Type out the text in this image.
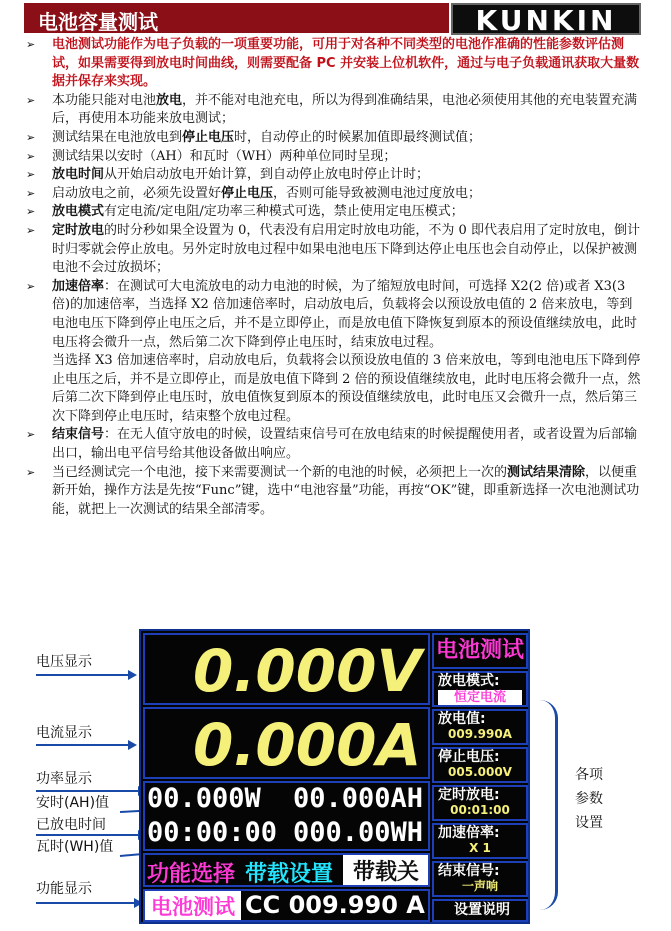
电池容量测试	KUNKIN
➢ 电池测试功能作为电子负载的一项重要功能，可用于对各种不同类型的电池作准确的性能参数评估测试，如果需要得到放电时间曲线，则需要配备 PC 并安装上位机软件，通过与电子负载通讯获取大量数据并保存来实现。
➢ 本功能只能对电池放电，并不能对电池充电，所以为得到准确结果，电池必须使用其他的充电装置充满后，再使用本功能来放电测试；
➢ 测试结果在电池放电到停止电压时，自动停止的时候累加值即最终测试值；
➢ 测试结果以安时（AH）和瓦时（WH）两种单位同时呈现；
➢ 放电时间从开始启动放电开始计算，到自动停止放电时停止计时；
➢ 启动放电之前，必须先设置好停止电压，否则可能导致被测电池过度放电；
➢ 放电模式有定电流/定电阻/定功率三种模式可选，禁止使用定电压模式；
➢ 定时放电的时分秒如果全设置为 0，代表没有启用定时放电功能，不为 0 即代表启用了定时放电，倒计时归零就会停止放电。另外定时放电过程中如果电池电压下降到达停止电压也会自动停止，以保护被测电池不会过放损坏；
➢ 加速倍率：在测试可大电流放电的动力电池的时候，为了缩短放电时间，可选择 X2(2 倍)或者 X3(3 倍)的加速倍率，当选择 X2 倍加速倍率时，启动放电后，负载将会以预设放电值的 2 倍来放电，等到电池电压下降到停止电压之后，并不是立即停止，而是放电值下降恢复到原本的预设值继续放电，此时电压将会微升一点，然后第二次下降到停止电压时，结束放电过程。
当选择 X3 倍加速倍率时，启动放电后，负载将会以预设放电值的 3 倍来放电，等到电池电压下降到停止电压之后，并不是立即停止，而是放电值下降到 2 倍的预设值继续放电，此时电压将会微升一点，然后第二次下降到停止电压时，放电值恢复到原本的预设值继续放电，此时电压又会微升一点，然后第三次下降到停止电压时，结束整个放电过程。
➢ 结束信号：在无人值守放电的时候，设置结束信号可在放电结束的时候提醒使用者，或者设置为后部输出口，输出电平信号给其他设备做出响应。
➢ 当已经测试完一个电池，接下来需要测试一个新的电池的时候，必须把上一次的测试结果清除，以便重新开始，操作方法是先按“Func”键，选中“电池容量”功能，再按“OK”键，即重新选择一次电池测试功能，就把上一次测试的结果全部清零。
电压显示
电流显示
功率显示
安时(AH)值
已放电时间
瓦时(WH)值
功能显示
各项
参数
设置
0.000V
0.000A
00.000W 00.000AH
00:00:00 000.00WH
功能选择 带载设置 带载关
电池测试 CC 009.990 A
电池测试
放电模式:
恒定电流
放电值:
009.990A
停止电压:
005.000V
定时放电:
00:01:00
加速倍率:
X 1
结束信号:
一声响
设置说明
